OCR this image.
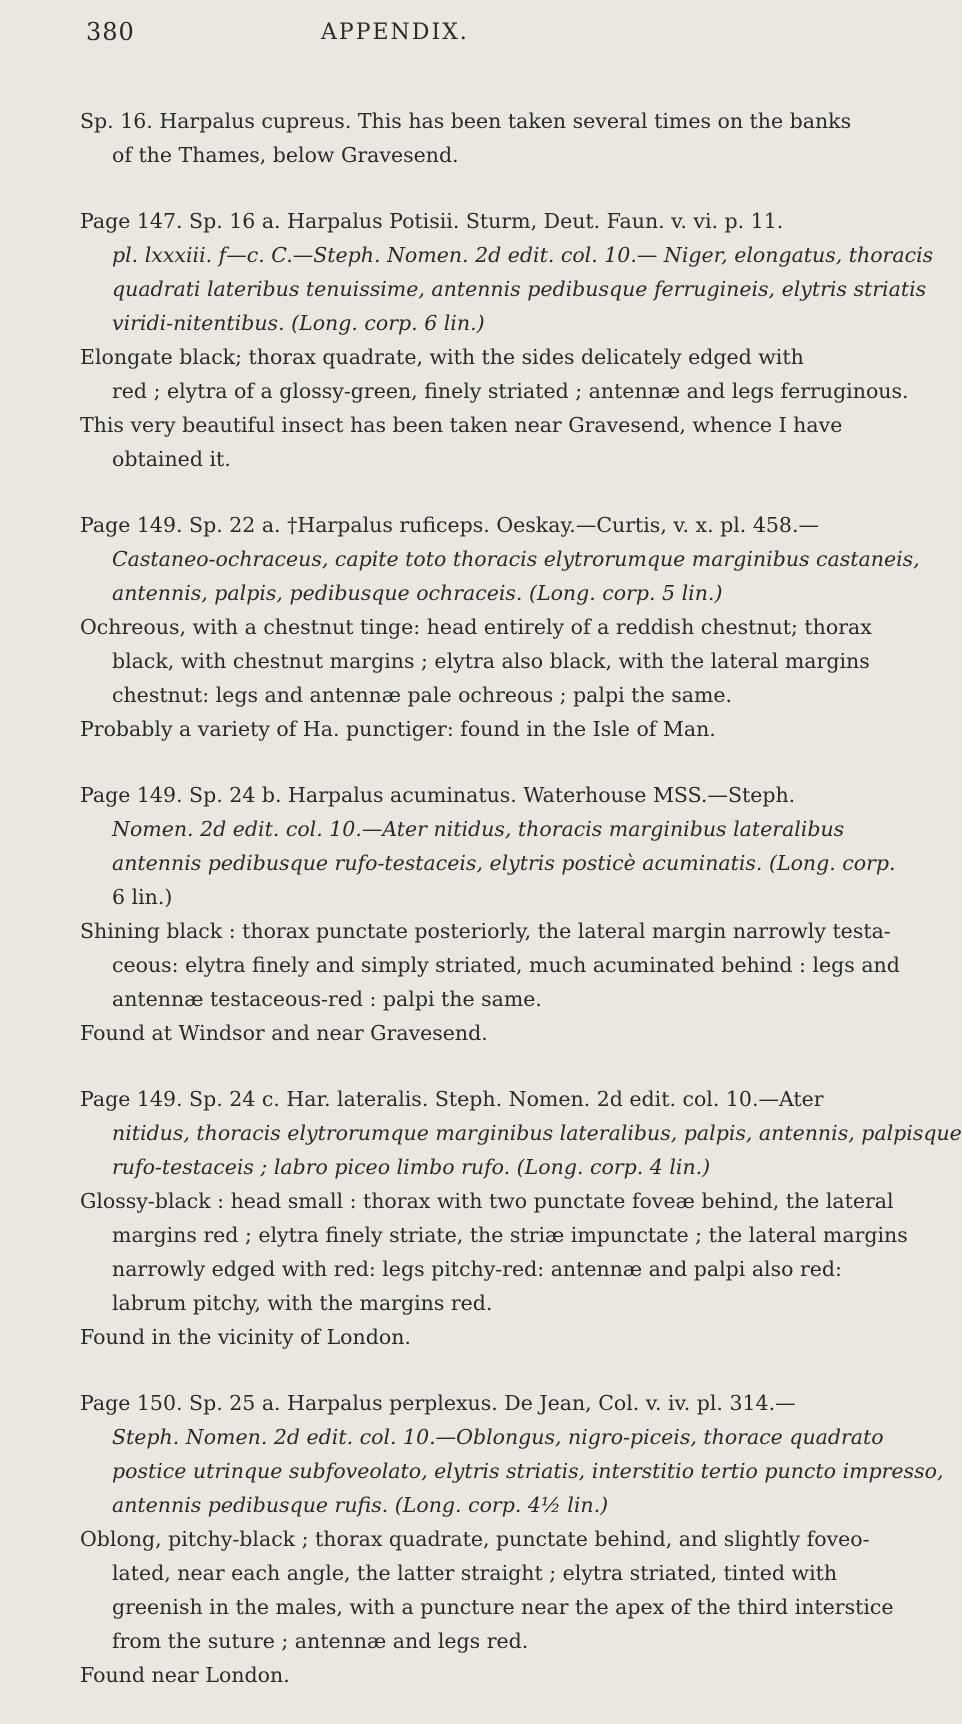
380	APPENDIX.
Sp. 16. Harpalus cupreus. This has been taken several times on the banks
of the Thames, below Gravesend.
Page 147. Sp. 16 a. Harpalus Potisii. Sturm, Deut. Faun. v. vi. p. 11.
pl. lxxxiii. f—c. C.—Steph. Nomen. 2d edit. col. 10.— Niger, elongatus, thoracis
quadrati lateribus tenuissime, antennis pedibusque ferrugineis, elytris striatis
viridi-nitentibus. (Long. corp. 6 lin.)
Elongate black; thorax quadrate, with the sides delicately edged with
red ; elytra of a glossy-green, finely striated ; antennæ and legs ferruginous.
This very beautiful insect has been taken near Gravesend, whence I have
obtained it.
Page 149. Sp. 22 a. †Harpalus ruficeps. Oeskay.—Curtis, v. x. pl. 458.—
Castaneo-ochraceus, capite toto thoracis elytrorumque marginibus castaneis,
antennis, palpis, pedibusque ochraceis. (Long. corp. 5 lin.)
Ochreous, with a chestnut tinge: head entirely of a reddish chestnut; thorax
black, with chestnut margins ; elytra also black, with the lateral margins
chestnut: legs and antennæ pale ochreous ; palpi the same.
Probably a variety of Ha. punctiger: found in the Isle of Man.
Page 149. Sp. 24 b. Harpalus acuminatus. Waterhouse MSS.—Steph.
Nomen. 2d edit. col. 10.—Ater nitidus, thoracis marginibus lateralibus
antennis pedibusque rufo-testaceis, elytris posticè acuminatis. (Long. corp.
6 lin.)
Shining black : thorax punctate posteriorly, the lateral margin narrowly testa-
ceous: elytra finely and simply striated, much acuminated behind : legs and
antennæ testaceous-red : palpi the same.
Found at Windsor and near Gravesend.
Page 149. Sp. 24 c. Har. lateralis. Steph. Nomen. 2d edit. col. 10.—Ater
nitidus, thoracis elytrorumque marginibus lateralibus, palpis, antennis, palpisque
rufo-testaceis ; labro piceo limbo rufo. (Long. corp. 4 lin.)
Glossy-black : head small : thorax with two punctate foveæ behind, the lateral
margins red ; elytra finely striate, the striæ impunctate ; the lateral margins
narrowly edged with red: legs pitchy-red: antennæ and palpi also red:
labrum pitchy, with the margins red.
Found in the vicinity of London.
Page 150. Sp. 25 a. Harpalus perplexus. De Jean, Col. v. iv. pl. 314.—
Steph. Nomen. 2d edit. col. 10.—Oblongus, nigro-piceis, thorace quadrato
postice utrinque subfoveolato, elytris striatis, interstitio tertio puncto impresso,
antennis pedibusque rufis. (Long. corp. 4½ lin.)
Oblong, pitchy-black ; thorax quadrate, punctate behind, and slightly foveo-
lated, near each angle, the latter straight ; elytra striated, tinted with
greenish in the males, with a puncture near the apex of the third interstice
from the suture ; antennæ and legs red.
Found near London.
